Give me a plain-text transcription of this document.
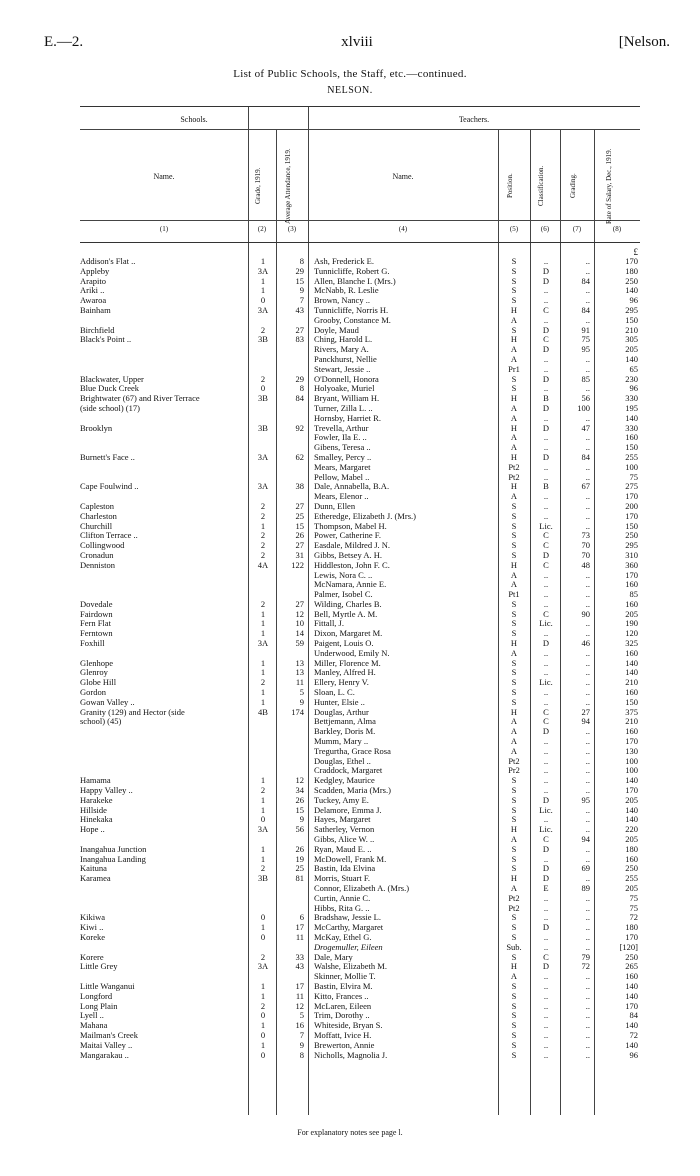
E.—2.	xlviii	[Nelson.
List of Public Schools, the Staff, etc.—continued.
NELSON.
Schools.	Teachers.
Name.	Grade, 1919.	Average Attendance, 1919.	Name.	Position.	Classification.	Grading.	Rate of Salary, Dec., 1919.
(1)	(2)	(3)	(4)	(5)	(6)	(7)	(8)
£
Addison's Flat ..	1	8 Ash, Frederick E.	S	..	..	170
Appleby	3A	29 Tunnicliffe, Robert G.	S	D	..	180
Arapito	1	15 Allen, Blanche I. (Mrs.)	S	D	84	250
Ariki ..	1	9 McNabb, R. Leslie	S	..	..	140
Awaroa	0	7 Brown, Nancy ..	S	..	..	96
Bainham	3A	43 Tunnicliffe, Norris H.	H	C	84	295
Grooby, Constance M.	A	..	..	150
Birchfield	2	27 Doyle, Maud	S	D	91	210
Black's Point ..	3B	83 Ching, Harold L.	H	C	75	305
Rivers, Mary A.	A	D	95	205
Panckhurst, Nellie	A	..	..	140
Stewart, Jessie ..	Pr1	..	..	65
Blackwater, Upper	2	29 O'Donnell, Honora	S	D	85	230
Blue Duck Creek	0	8 Holyoake, Muriel	S	..	..	96
Brightwater (67) and River Terrace	3B	84 Bryant, William H.	H	B	56	330
(side school) (17)	Turner, Zilla L. ..	A	D	100	195
Hornsby, Harriet R.	A	..	..	140
Brooklyn	3B	92 Trevella, Arthur	H	D	47	330
Fowler, Ila E. ..	A	..	..	160
Gibens, Teresa ..	A	..	..	150
Burnett's Face ..	3A	62 Smalley, Percy ..	H	D	84	255
Mears, Margaret	Pt2	..	..	100
Pellow, Mabel ..	Pt2	..	..	75
Cape Foulwind ..	3A	38 Dale, Annabella, B.A.	H	B	67	275
Mears, Elenor ..	A	..	..	170
Capleston	2	27 Dunn, Ellen	S	..	..	200
Charleston	2	25 Etheredge, Elizabeth J. (Mrs.)	S	..	..	170
Churchill	1	15 Thompson, Mabel H.	S	Lic.	..	150
Clifton Terrace ..	2	26 Power, Catherine F.	S	C	73	250
Collingwood	2	27 Easdale, Mildred J. N.	S	C	70	295
Cronadun	2	31 Gibbs, Betsey A. H.	S	D	70	310
Denniston	4A	122 Hiddleston, John F. C.	H	C	48	360
Lewis, Nora C. ..	A	..	..	170
McNamara, Annie E.	A	..	..	160
Palmer, Isobel C.	Pt1	..	..	85
Dovedale	2	27 Wilding, Charles B.	S	..	..	160
Fairdown	1	12 Bell, Myrtle A. M.	S	C	90	205
Fern Flat	1	10 Fittall, J.	S	Lic.	..	190
Ferntown	1	14 Dixon, Margaret M.	S	..	..	120
Foxhill	3A	59 Paigent, Louis O.	H	D	46	325
Underwood, Emily N.	A	..	..	160
Glenhope	1	13 Miller, Florence M.	S	..	..	140
Glenroy	1	13 Manley, Alfred H.	S	..	..	140
Globe Hill	2	11 Ellery, Henry V.	S	Lic.	..	210
Gordon	1	5 Sloan, L. C.	S	..	..	160
Gowan Valley ..	1	9 Hunter, Elsie ..	S	..	..	150
Granity (129) and Hector (side	4B	174 Douglas, Arthur	H	C	27	375
school) (45)	Bettjemann, Alma	A	C	94	210
Barkley, Doris M.	A	D	..	160
Mumm, Mary ..	A	..	..	170
Tregurtha, Grace Rosa	A	..	..	130
Douglas, Ethel ..	Pt2	..	..	100
Craddock, Margaret	Pr2	..	..	100
Hamama	1	12 Kedgley, Maurice	S	..	..	140
Happy Valley ..	2	34 Scadden, Maria (Mrs.)	S	..	..	170
Harakeke	1	26 Tuckey, Amy E.	S	D	95	205
Hillside	1	15 Delamore, Emma J.	S	Lic.	..	140
Hinekaka	0	9 Hayes, Margaret	S	..	..	140
Hope ..	3A	56 Satherley, Vernon	H	Lic.	..	220
Gibbs, Alice W. ..	A	C	94	205
Inangahua Junction	1	26 Ryan, Maud E. ..	S	D	..	180
Inangahua Landing	1	19 McDowell, Frank M.	S	..	..	160
Kaituna	2	25 Bastin, Ida Elvina	S	D	69	250
Karamea	3B	81 Morris, Stuart F.	H	D	..	255
Connor, Elizabeth A. (Mrs.)	A	E	89	205
Curtin, Annie C.	Pt2	..	..	75
Hibbs, Rita G. ..	Pt2	..	..	75
Kikiwa	0	6 Bradshaw, Jessie L.	S	..	..	72
Kiwi ..	1	17 McCarthy, Margaret	S	D	..	180
Koreke	0	11 McKay, Ethel G.	S	..	..	170
Drogemuller, Eileen	Sub.	..	..	[120]
Korere	2	33 Dale, Mary	S	C	79	250
Little Grey	3A	43 Walshe, Elizabeth M.	H	D	72	265
Skinner, Mollie T.	A	..	..	160
Little Wanganui	1	17 Bastin, Elvira M.	S	..	..	140
Longford	1	11 Kitto, Frances ..	S	..	..	140
Long Plain	2	12 McLaren, Eileen	S	..	..	170
Lyell ..	0	5 Trim, Dorothy ..	S	..	..	84
Mahana	1	16 Whiteside, Bryan S.	S	..	..	140
Mailman's Creek	0	7 Moffatt, Ivice H.	S	..	..	72
Maitai Valley ..	1	9 Brewerton, Annie	S	..	..	140
Mangarakau ..	0	8 Nicholls, Magnolia J.	S	..	..	96
For explanatory notes see page l.
